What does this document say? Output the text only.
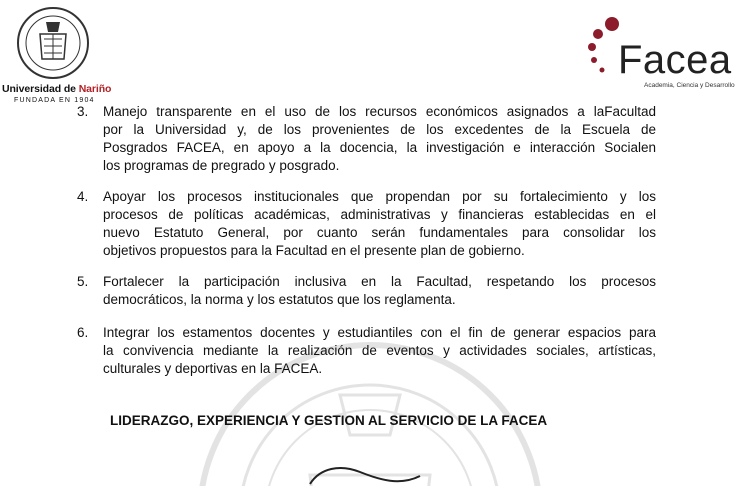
Universidad de Nariño
FUNDADA EN 1904
Facea
Academia, Ciencia y Desarrollo
3. Manejo transparente en el uso de los recursos económicos asignados a laFacultad
por la Universidad y, de los provenientes de los excedentes de la Escuela de
Posgrados FACEA, en apoyo a la docencia, la investigación e interacción Socialen
los programas de pregrado y posgrado.
4. Apoyar los procesos institucionales que propendan por su fortalecimiento y los
procesos de políticas académicas, administrativas y financieras establecidas en el
nuevo Estatuto General, por cuanto serán fundamentales para consolidar los
objetivos propuestos para la Facultad en el presente plan de gobierno.
5. Fortalecer la participación inclusiva en la Facultad, respetando los procesos
democráticos, la norma y los estatutos que los reglamenta.
6. Integrar los estamentos docentes y estudiantiles con el fin de generar espacios para
la convivencia mediante la realización de eventos y actividades sociales, artísticas,
culturales y deportivas en la FACEA.
LIDERAZGO, EXPERIENCIA Y GESTION AL SERVICIO DE LA FACEA
